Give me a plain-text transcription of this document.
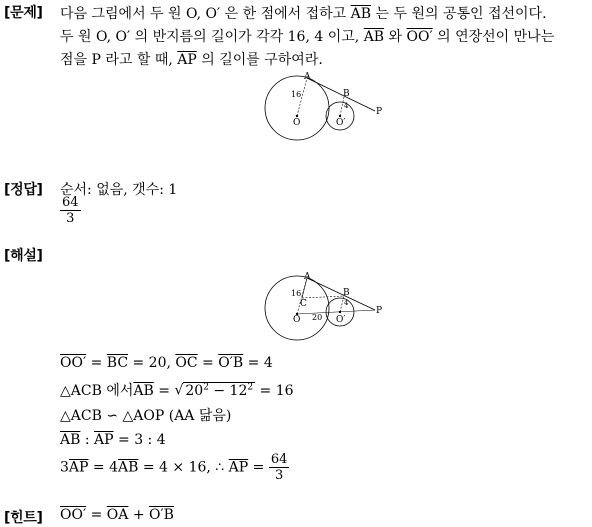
[문제] 다음 그림에서 두 원 O, O′ 은 한 점에서 접하고 $\overline{AB}$ 는 두 원의 공통인 접선이다.
두 원 O, O′ 의 반지름의 길이가 각각 16, 4 이고, $\overline{AB}$ 와 OO′ 의 연장선이 만나는
점을 P 라고 할 때, $\overline{AP}$ 의 길이를 구하여라.
A
B
P
O	O′
16
4
[정답] 순서: 없음, 갯수: 1
$\frac{64}{3}$
[해설]
A
B
C
P
O	O′
16
4
20
$OO' = \overline{BC} = 20$, $\overline{OC} = O'B = 4$
△ACB 에서$\overline{AB}$ = √ $20^2 - 12^2 = 16$
△ACB ∽ △AOP (AA 닮음)
$\overline{AB}$ : $\overline{AP} = 3$ : 4
$3\overline{AP} = 4\overline{AB} = 4 \times 16$, ∴ $\overline{AP} = \frac{64}{3}$
[힌트] $OO' = \overline{OA} + O'B$
